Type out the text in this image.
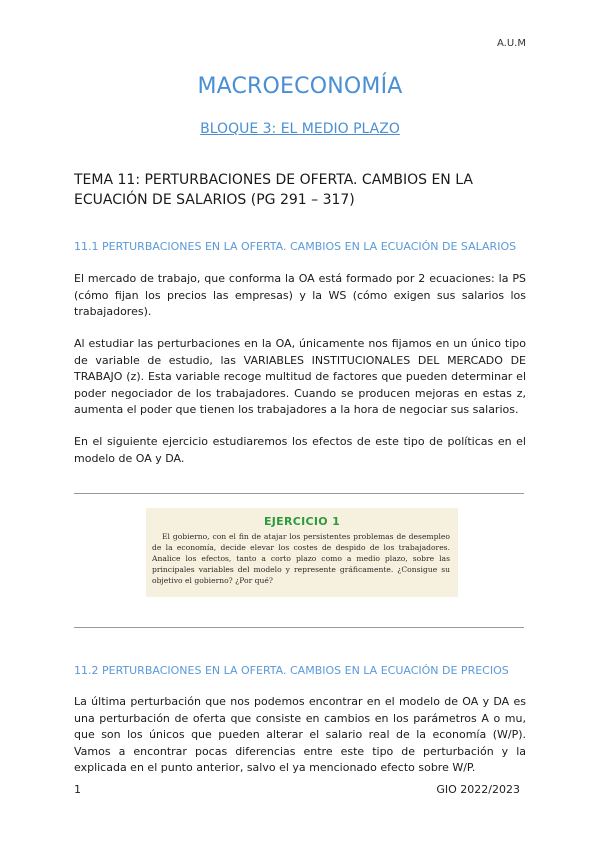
A.U.M
MACROECONOMÍA
BLOQUE 3: EL MEDIO PLAZO
TEMA 11: PERTURBACIONES DE OFERTA. CAMBIOS EN LA ECUACIÓN DE SALARIOS (PG 291 – 317)
11.1 PERTURBACIONES EN LA OFERTA. CAMBIOS EN LA ECUACIÓN DE SALARIOS
El mercado de trabajo, que conforma la OA está formado por 2 ecuaciones: la PS (cómo fijan los precios las empresas) y la WS (cómo exigen sus salarios los trabajadores).
Al estudiar las perturbaciones en la OA, únicamente nos fijamos en un único tipo de variable de estudio, las VARIABLES INSTITUCIONALES DEL MERCADO DE TRABAJO (z). Esta variable recoge multitud de factores que pueden determinar el poder negociador de los trabajadores. Cuando se producen mejoras en estas z, aumenta el poder que tienen los trabajadores a la hora de negociar sus salarios.
En el siguiente ejercicio estudiaremos los efectos de este tipo de políticas en el modelo de OA y DA.
EJERCICIO 1
El gobierno, con el fin de atajar los persistentes problemas de desempleo de la economía, decide elevar los costes de despido de los trabajadores. Analice los efectos, tanto a corto plazo como a medio plazo, sobre las principales variables del modelo y represente gráficamente. ¿Consigue su objetivo el gobierno? ¿Por qué?
11.2 PERTURBACIONES EN LA OFERTA. CAMBIOS EN LA ECUACIÓN DE PRECIOS
La última perturbación que nos podemos encontrar en el modelo de OA y DA es una perturbación de oferta que consiste en cambios en los parámetros A o mu, que son los únicos que pueden alterar el salario real de la economía (W/P). Vamos a encontrar pocas diferencias entre este tipo de perturbación y la explicada en el punto anterior, salvo el ya mencionado efecto sobre W/P.
1	GIO 2022/2023
